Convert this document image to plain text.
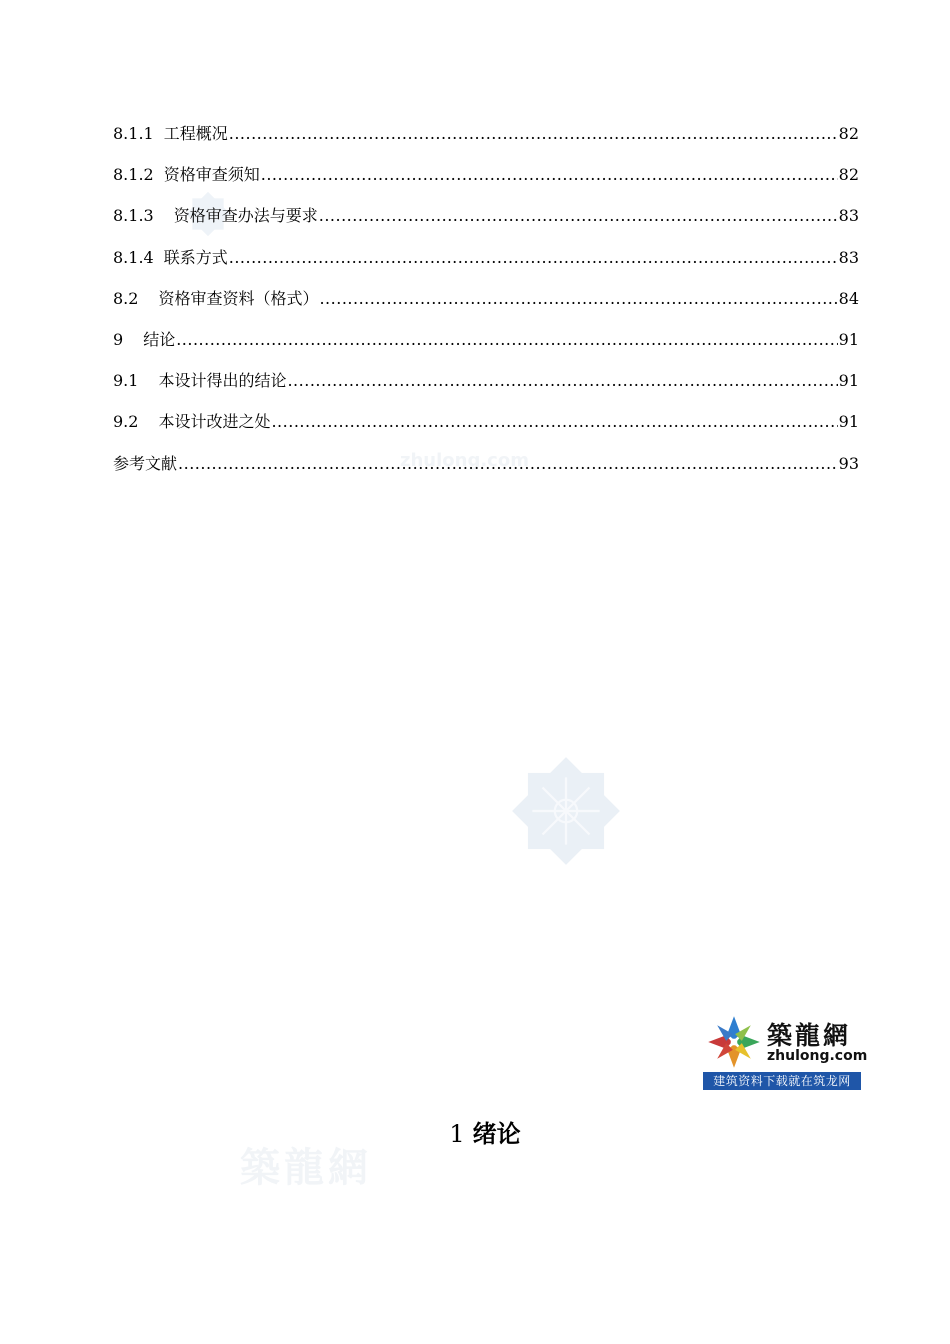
zhulong.com
築龍網
8.1.1 工程概况 .....	82
8.1.2 资格审查须知 .....	82
8.1.3 资格审查办法与要求 .....	83
8.1.4 联系方式 .....	83
8.2 资格审查资料（格式） .....	84
9 结论 .....	91
9.1 本设计得出的结论 .....	91
9.2 本设计改进之处 .....	91
参考文献 .....	93
築龍網
zhulong.com
建筑资料下载就在筑龙网
1 绪论
